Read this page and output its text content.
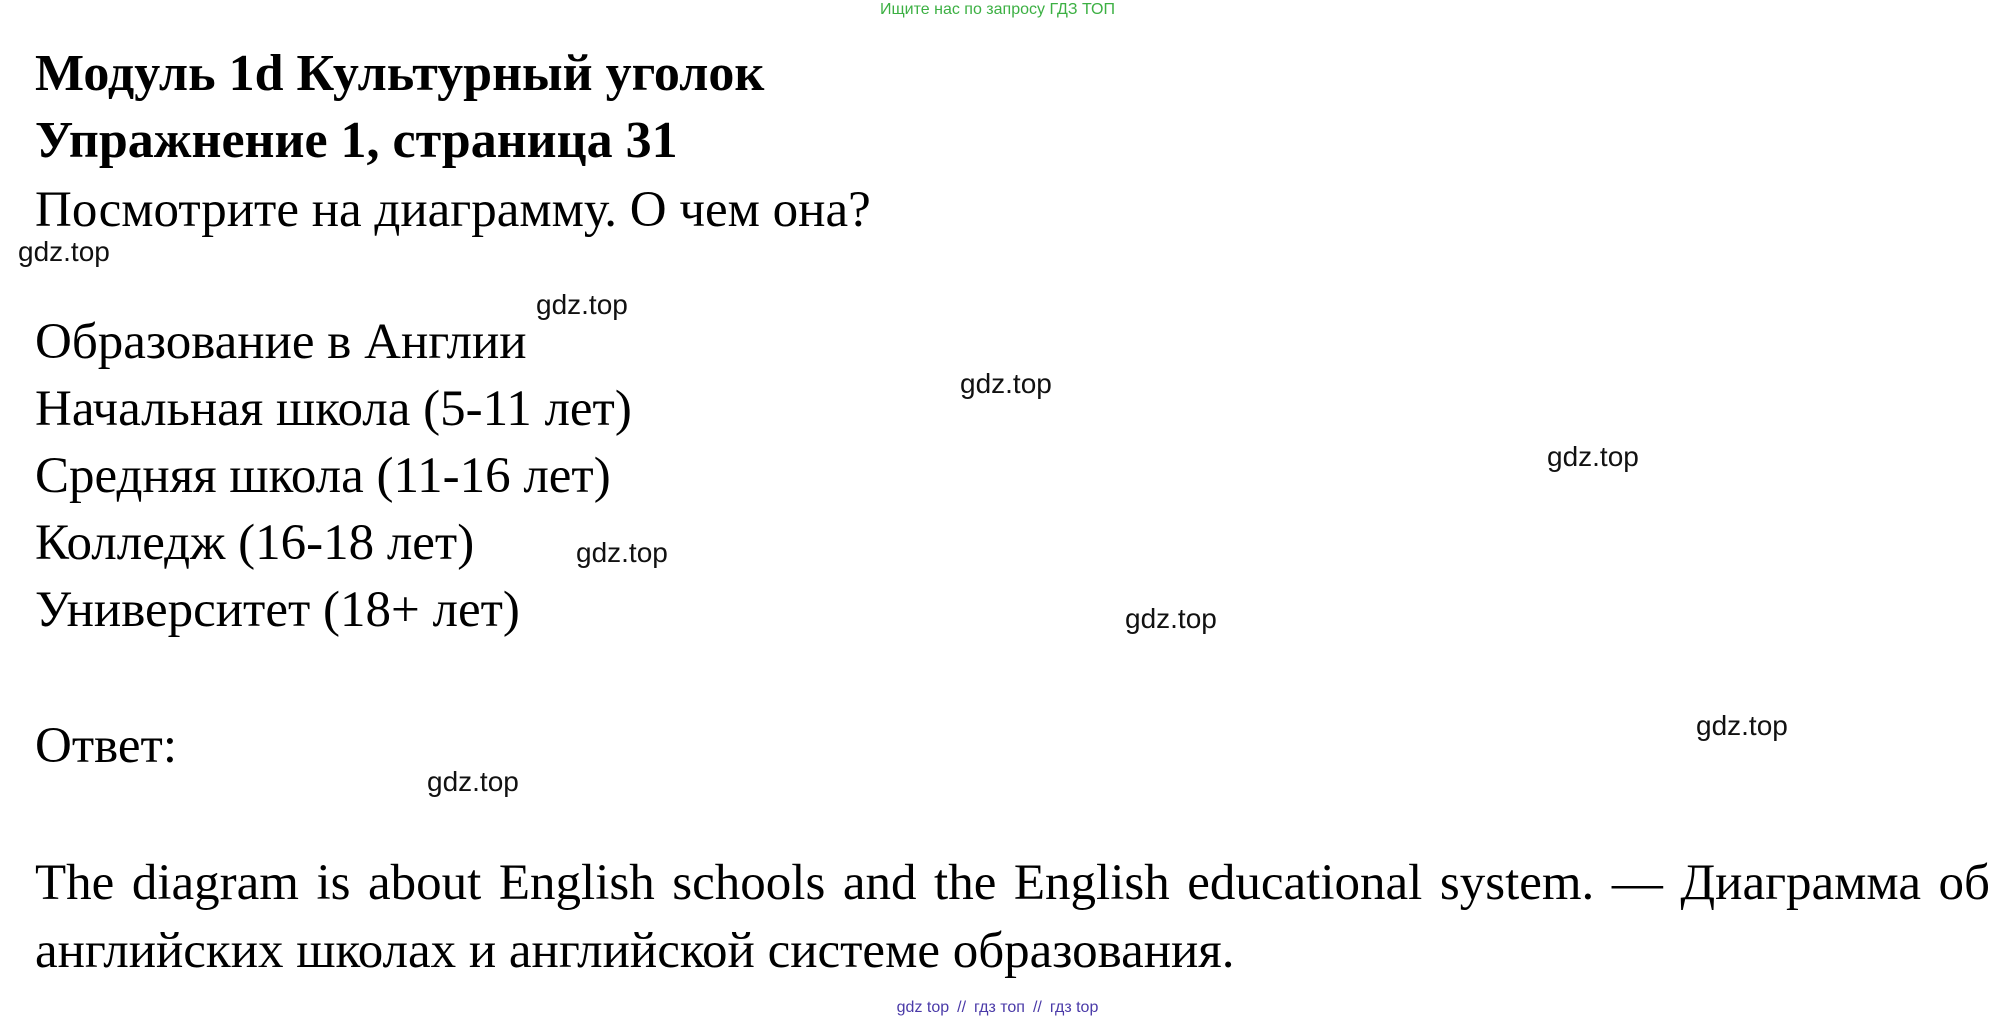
Ищите нас по запросу ГДЗ ТОП
Модуль 1d Культурный уголок
Упражнение 1, страница 31
Посмотрите на диаграмму. О чем она?
Образование в Англии
Начальная школа (5-11 лет)
Средняя школа (11-16 лет)
Колледж (16-18 лет)
Университет (18+ лет)
Ответ:
The diagram is about English schools and the English educational system. — Диаграмма об английских школах и английской системе образования.
gdz.top
gdz.top
gdz.top
gdz.top
gdz.top
gdz.top
gdz.top
gdz.top
gdz top // гдз топ // гдз top
